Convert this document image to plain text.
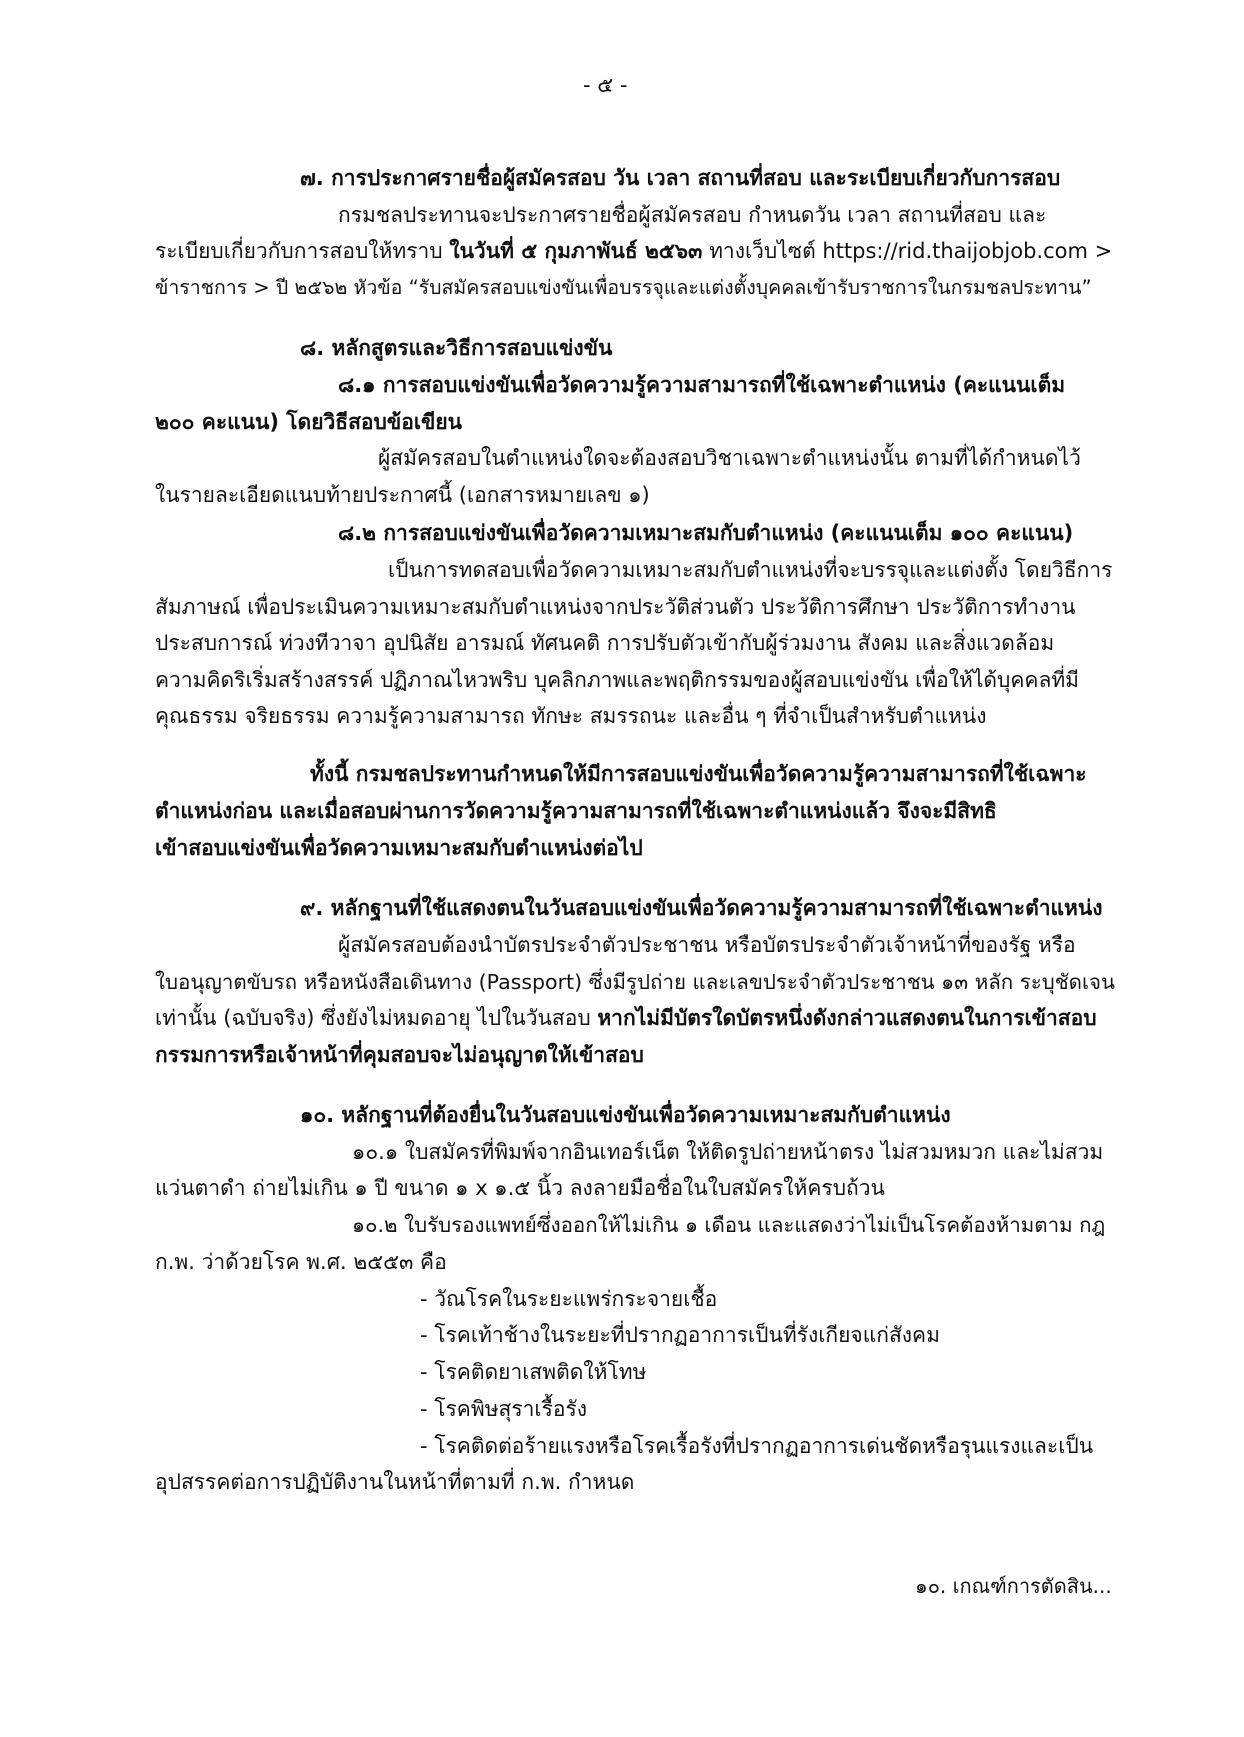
- ๕ -
๗. การประกาศรายชื่อผู้สมัครสอบ วัน เวลา สถานที่สอบ และระเบียบเกี่ยวกับการสอบ
กรมชลประทานจะประกาศรายชื่อผู้สมัครสอบ กำหนดวัน เวลา สถานที่สอบ และ
ระเบียบเกี่ยวกับการสอบให้ทราบ ในวันที่ ๕ กุมภาพันธ์ ๒๕๖๓ ทางเว็บไซต์ https://rid.thaijobjob.com >
ข้าราชการ > ปี ๒๕๖๒ หัวข้อ “รับสมัครสอบแข่งขันเพื่อบรรจุและแต่งตั้งบุคคลเข้ารับราชการในกรมชลประทาน”
๘. หลักสูตรและวิธีการสอบแข่งขัน
๘.๑ การสอบแข่งขันเพื่อวัดความรู้ความสามารถที่ใช้เฉพาะตำแหน่ง (คะแนนเต็ม
๒๐๐ คะแนน) โดยวิธีสอบข้อเขียน
ผู้สมัครสอบในตำแหน่งใดจะต้องสอบวิชาเฉพาะตำแหน่งนั้น ตามที่ได้กำหนดไว้
ในรายละเอียดแนบท้ายประกาศนี้ (เอกสารหมายเลข ๑)
๘.๒ การสอบแข่งขันเพื่อวัดความเหมาะสมกับตำแหน่ง (คะแนนเต็ม ๑๐๐ คะแนน)
เป็นการทดสอบเพื่อวัดความเหมาะสมกับตำแหน่งที่จะบรรจุและแต่งตั้ง โดยวิธีการ
สัมภาษณ์ เพื่อประเมินความเหมาะสมกับตำแหน่งจากประวัติส่วนตัว ประวัติการศึกษา ประวัติการทำงาน
ประสบการณ์ ท่วงทีวาจา อุปนิสัย อารมณ์ ทัศนคติ การปรับตัวเข้ากับผู้ร่วมงาน สังคม และสิ่งแวดล้อม
ความคิดริเริ่มสร้างสรรค์ ปฏิภาณไหวพริบ บุคลิกภาพและพฤติกรรมของผู้สอบแข่งขัน เพื่อให้ได้บุคคลที่มี
คุณธรรม จริยธรรม ความรู้ความสามารถ ทักษะ สมรรถนะ และอื่น ๆ ที่จำเป็นสำหรับตำแหน่ง
ทั้งนี้ กรมชลประทานกำหนดให้มีการสอบแข่งขันเพื่อวัดความรู้ความสามารถที่ใช้เฉพาะ
ตำแหน่งก่อน และเมื่อสอบผ่านการวัดความรู้ความสามารถที่ใช้เฉพาะตำแหน่งแล้ว จึงจะมีสิทธิ
เข้าสอบแข่งขันเพื่อวัดความเหมาะสมกับตำแหน่งต่อไป
๙. หลักฐานที่ใช้แสดงตนในวันสอบแข่งขันเพื่อวัดความรู้ความสามารถที่ใช้เฉพาะตำแหน่ง
ผู้สมัครสอบต้องนำบัตรประจำตัวประชาชน หรือบัตรประจำตัวเจ้าหน้าที่ของรัฐ หรือ
ใบอนุญาตขับรถ หรือหนังสือเดินทาง (Passport) ซึ่งมีรูปถ่าย และเลขประจำตัวประชาชน ๑๓ หลัก ระบุชัดเจน
เท่านั้น (ฉบับจริง) ซึ่งยังไม่หมดอายุ ไปในวันสอบ หากไม่มีบัตรใดบัตรหนึ่งดังกล่าวแสดงตนในการเข้าสอบ
กรรมการหรือเจ้าหน้าที่คุมสอบจะไม่อนุญาตให้เข้าสอบ
๑๐. หลักฐานที่ต้องยื่นในวันสอบแข่งขันเพื่อวัดความเหมาะสมกับตำแหน่ง
๑๐.๑ ใบสมัครที่พิมพ์จากอินเทอร์เน็ต ให้ติดรูปถ่ายหน้าตรง ไม่สวมหมวก และไม่สวม
แว่นตาดำ ถ่ายไม่เกิน ๑ ปี ขนาด ๑ x ๑.๕ นิ้ว ลงลายมือชื่อในใบสมัครให้ครบถ้วน
๑๐.๒ ใบรับรองแพทย์ซึ่งออกให้ไม่เกิน ๑ เดือน และแสดงว่าไม่เป็นโรคต้องห้ามตาม กฎ
ก.พ. ว่าด้วยโรค พ.ศ. ๒๕๕๓ คือ
- วัณโรคในระยะแพร่กระจายเชื้อ
- โรคเท้าช้างในระยะที่ปรากฏอาการเป็นที่รังเกียจแก่สังคม
- โรคติดยาเสพติดให้โทษ
- โรคพิษสุราเรื้อรัง
- โรคติดต่อร้ายแรงหรือโรคเรื้อรังที่ปรากฏอาการเด่นชัดหรือรุนแรงและเป็น
อุปสรรคต่อการปฏิบัติงานในหน้าที่ตามที่ ก.พ. กำหนด
๑๐. เกณฑ์การตัดสิน...
